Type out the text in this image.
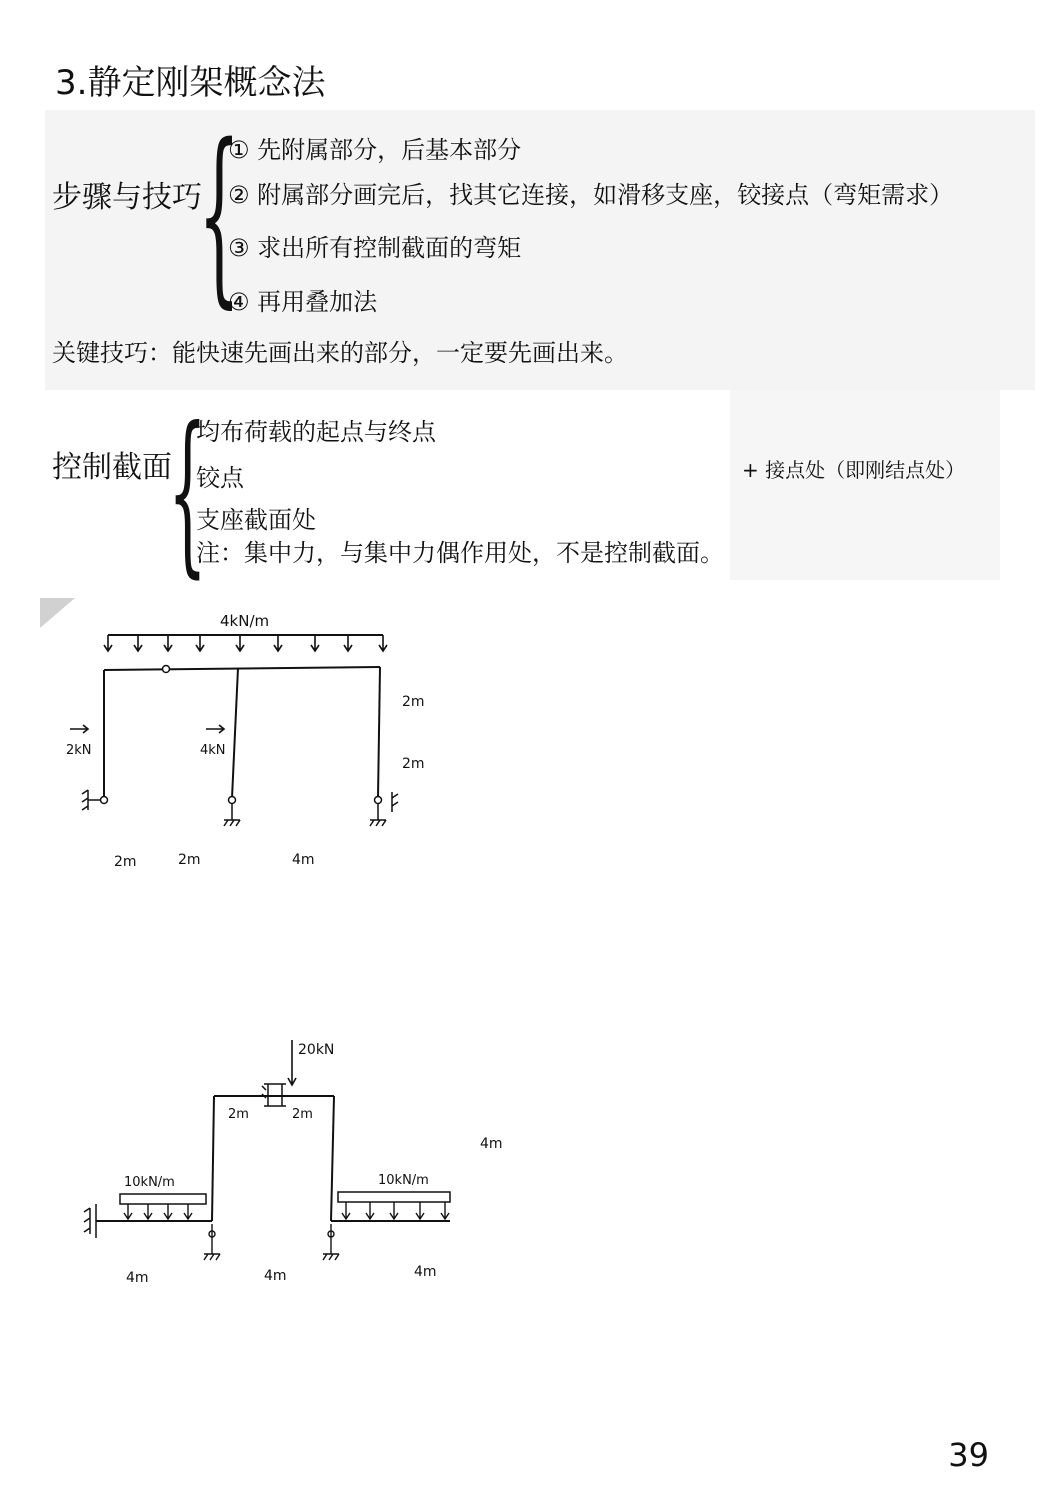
3.静定刚架概念法
步骤与技巧
{
① 先附属部分，后基本部分
② 附属部分画完后，找其它连接，如滑移支座，铰接点（弯矩需求）
③ 求出所有控制截面的弯矩
④ 再用叠加法
关键技巧：能快速先画出来的部分，一定要先画出来。
控制截面
{
均布荷载的起点与终点
铰点
支座截面处
注：集中力，与集中力偶作用处，不是控制截面。
+ 接点处（即刚结点处）
4kN/m
2kN	4kN
2m
2m
2m	2m	4m
20kN
2m	2m
4m
10kN/m	10kN/m
4m	4m	4m
39
